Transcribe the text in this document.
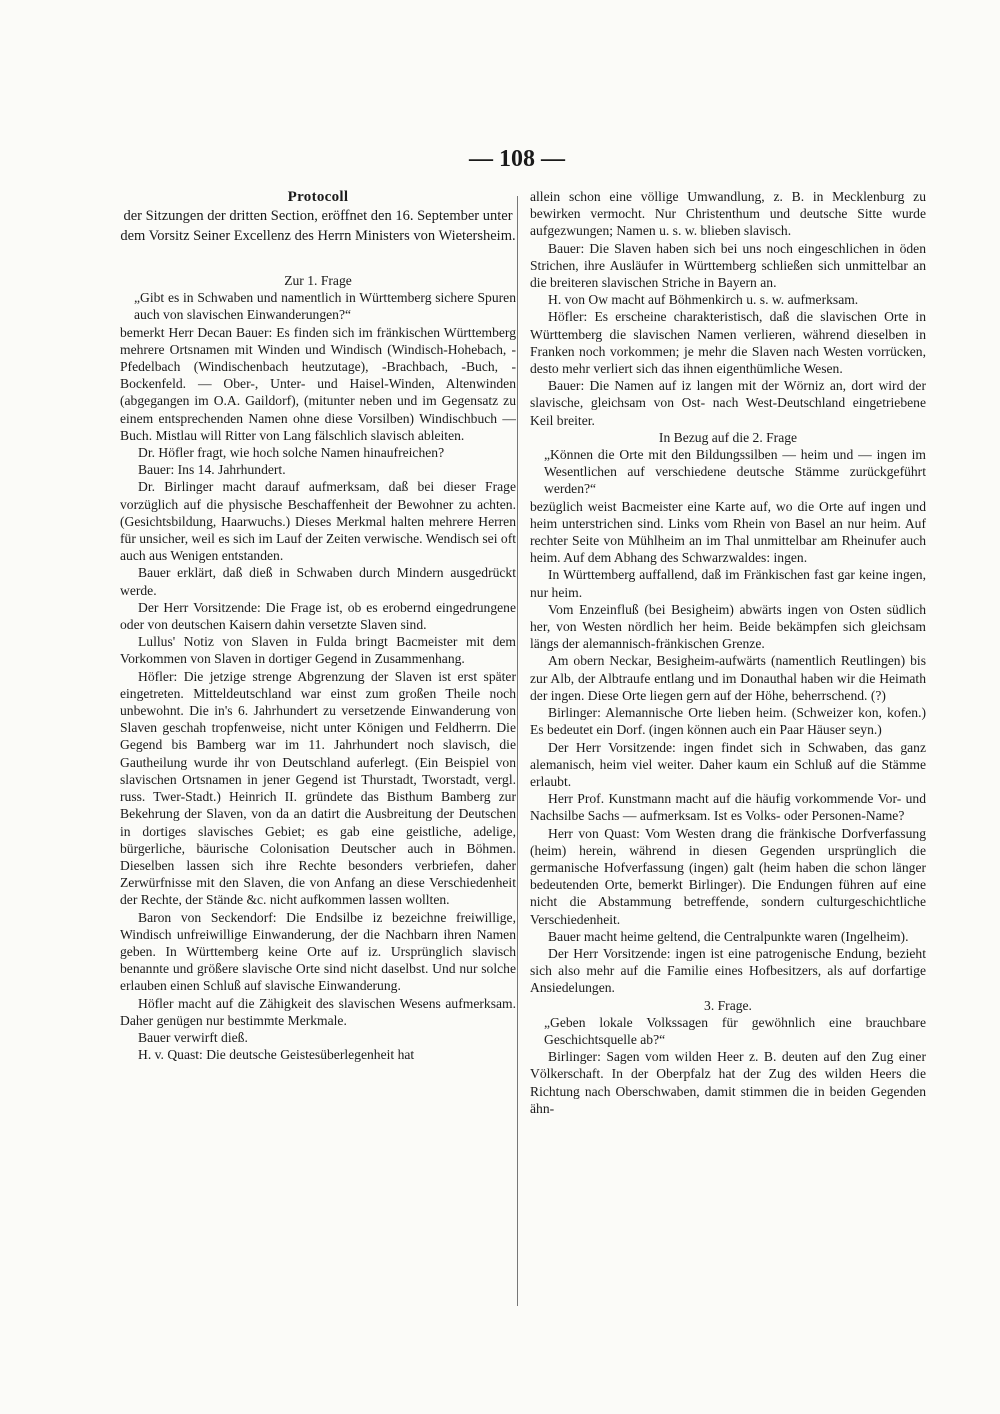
— 108 —
Protocoll
der Sitzungen der dritten Section, eröffnet den 16. September unter dem Vorsitz Seiner Excellenz des Herrn Ministers von Wietersheim.

Zur 1. Frage

„Gibt es in Schwaben und namentlich in Württemberg sichere Spuren auch von slavischen Einwanderungen?“

bemerkt Herr Decan Bauer: Es finden sich im fränkischen Württemberg mehrere Ortsnamen mit Winden und Windisch (Windisch-Hohebach, -Pfedelbach (Windischenbach heutzutage), -Brachbach, -Buch, -Bockenfeld. — Ober-, Unter- und Haisel-Winden, Altenwinden (abgegangen im O.A. Gaildorf), (mitunter neben und im Gegensatz zu einem entsprechenden Namen ohne diese Vorsilben) Windischbuch — Buch. Mistlau will Ritter von Lang fälschlich slavisch ableiten.

Dr. Höfler fragt, wie hoch solche Namen hinaufreichen?

Bauer: Ins 14. Jahrhundert.

Dr. Birlinger macht darauf aufmerksam, daß bei dieser Frage vorzüglich auf die physische Beschaffenheit der Bewohner zu achten. (Gesichtsbildung, Haarwuchs.) Dieses Merkmal halten mehrere Herren für unsicher, weil es sich im Lauf der Zeiten verwische. Wendisch sei oft auch aus Wenigen entstanden.

Bauer erklärt, daß dieß in Schwaben durch Mindern ausgedrückt werde.

Der Herr Vorsitzende: Die Frage ist, ob es erobernd eingedrungene oder von deutschen Kaisern dahin versetzte Slaven sind.

Lullus' Notiz von Slaven in Fulda bringt Bacmeister mit dem Vorkommen von Slaven in dortiger Gegend in Zusammenhang.

Höfler: Die jetzige strenge Abgrenzung der Slaven ist erst später eingetreten. Mitteldeutschland war einst zum großen Theile noch unbewohnt. Die in's 6. Jahrhundert zu versetzende Einwanderung von Slaven geschah tropfenweise, nicht unter Königen und Feldherrn. Die Gegend bis Bamberg war im 11. Jahrhundert noch slavisch, die Gautheilung wurde ihr von Deutschland auferlegt. (Ein Beispiel von slavischen Ortsnamen in jener Gegend ist Thurstadt, Tworstadt, vergl. russ. Twer-Stadt.) Heinrich II. gründete das Bisthum Bamberg zur Bekehrung der Slaven, von da an datirt die Ausbreitung der Deutschen in dortiges slavisches Gebiet; es gab eine geistliche, adelige, bürgerliche, bäurische Colonisation Deutscher auch in Böhmen. Dieselben lassen sich ihre Rechte besonders verbriefen, daher Zerwürfnisse mit den Slaven, die von Anfang an diese Verschiedenheit der Rechte, der Stände &c. nicht aufkommen lassen wollten.

Baron von Seckendorf: Die Endsilbe iz bezeichne freiwillige, Windisch unfreiwillige Einwanderung, der die Nachbarn ihren Namen geben. In Württemberg keine Orte auf iz. Ursprünglich slavisch benannte und größere slavische Orte sind nicht daselbst. Und nur solche erlauben einen Schluß auf slavische Einwanderung.

Höfler macht auf die Zähigkeit des slavischen Wesens aufmerksam. Daher genügen nur bestimmte Merkmale.

Bauer verwirft dieß.

H. v. Quast: Die deutsche Geistesüberlegenheit hat

allein schon eine völlige Umwandlung, z. B. in Mecklenburg zu bewirken vermocht. Nur Christenthum und deutsche Sitte wurde aufgezwungen; Namen u. s. w. blieben slavisch.

Bauer: Die Slaven haben sich bei uns noch eingeschlichen in öden Strichen, ihre Ausläufer in Württemberg schließen sich unmittelbar an die breiteren slavischen Striche in Bayern an.

H. von Ow macht auf Böhmenkirch u. s. w. aufmerksam.

Höfler: Es erscheine charakteristisch, daß die slavischen Orte in Württemberg die slavischen Namen verlieren, während dieselben in Franken noch vorkommen; je mehr die Slaven nach Westen vorrücken, desto mehr verliert sich das ihnen eigenthümliche Wesen.

Bauer: Die Namen auf iz langen mit der Wörniz an, dort wird der slavische, gleichsam von Ost- nach West-Deutschland eingetriebene Keil breiter.

In Bezug auf die 2. Frage

„Können die Orte mit den Bildungssilben — heim und — ingen im Wesentlichen auf verschiedene deutsche Stämme zurückgeführt werden?“

bezüglich weist Bacmeister eine Karte auf, wo die Orte auf ingen und heim unterstrichen sind. Links vom Rhein von Basel an nur heim. Auf rechter Seite von Mühlheim an im Thal unmittelbar am Rheinufer auch heim. Auf dem Abhang des Schwarzwaldes: ingen.

In Württemberg auffallend, daß im Fränkischen fast gar keine ingen, nur heim.

Vom Enzeinfluß (bei Besigheim) abwärts ingen von Osten südlich her, von Westen nördlich her heim. Beide bekämpfen sich gleichsam längs der alemannisch-fränkischen Grenze.

Am obern Neckar, Besigheim-aufwärts (namentlich Reutlingen) bis zur Alb, der Albtraufe entlang und im Donauthal haben wir die Heimath der ingen. Diese Orte liegen gern auf der Höhe, beherrschend. (?)

Birlinger: Alemannische Orte lieben heim. (Schweizer kon, kofen.) Es bedeutet ein Dorf. (ingen können auch ein Paar Häuser seyn.)

Der Herr Vorsitzende: ingen findet sich in Schwaben, das ganz alemanisch, heim viel weiter. Daher kaum ein Schluß auf die Stämme erlaubt.

Herr Prof. Kunstmann macht auf die häufig vorkommende Vor- und Nachsilbe Sachs — aufmerksam. Ist es Volks- oder Personen-Name?

Herr von Quast: Vom Westen drang die fränkische Dorfverfassung (heim) herein, während in diesen Gegenden ursprünglich die germanische Hofverfassung (ingen) galt (heim haben die schon länger bedeutenden Orte, bemerkt Birlinger). Die Endungen führen auf eine nicht die Abstammung betreffende, sondern culturgeschichtliche Verschiedenheit.

Bauer macht heime geltend, die Centralpunkte waren (Ingelheim).

Der Herr Vorsitzende: ingen ist eine patrogenische Endung, bezieht sich also mehr auf die Familie eines Hofbesitzers, als auf dorfartige Ansiedelungen.

3. Frage.

„Geben lokale Volkssagen für gewöhnlich eine brauchbare Geschichtsquelle ab?“

Birlinger: Sagen vom wilden Heer z. B. deuten auf den Zug einer Völkerschaft. In der Oberpfalz hat der Zug des wilden Heers die Richtung nach Oberschwaben, damit stimmen die in beiden Gegenden ähn-
